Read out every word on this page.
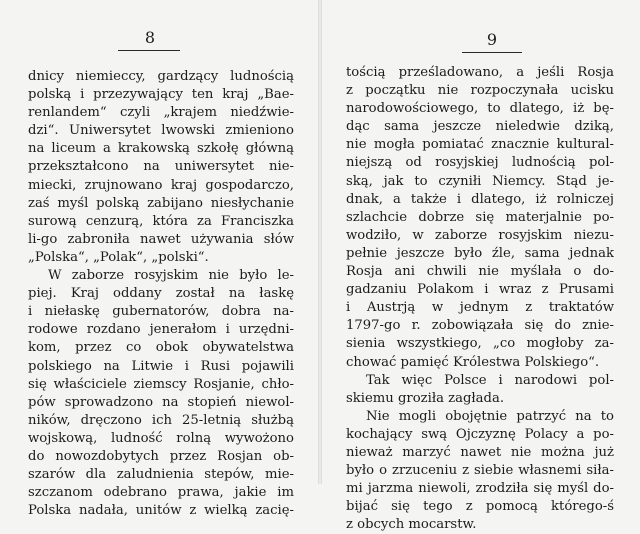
8
dnicy niemieccy, gardzący ludnością
polską i przezywający ten kraj „Bae-
renlandem“ czyli „krajem niedźwie-
dzi“. Uniwersytet lwowski zmieniono
na liceum a krakowską szkołę główną
przekształcono na uniwersytet nie-
miecki, zrujnowano kraj gospodarczo,
zaś myśl polską zabijano niesłychanie
surową cenzurą, która za Franciszka
li-go zabroniła nawet używania słów
„Polska“, „Polak“, „polski“.
W zaborze rosyjskim nie było le-
piej. Kraj oddany został na łaskę
i niełaskę gubernatorów, dobra na-
rodowe rozdano jenerałom i urzędni-
kom, przez co obok obywatelstwa
polskiego na Litwie i Rusi pojawili
się właściciele ziemscy Rosjanie, chło-
pów sprowadzono na stopień niewol-
ników, dręczono ich 25-letnią służbą
wojskową, ludność rolną wywożono
do nowozdobytych przez Rosjan ob-
szarów dla zaludnienia stepów, mie-
szczanom odebrano prawa, jakie im
Polska nadała, unitów z wielką zacię-
9
tością prześladowano, a jeśli Rosja
z początku nie rozpoczynała ucisku
narodowościowego, to dlatego, iż bę-
dąc sama jeszcze nieledwie dziką,
nie mogła pomiatać znacznie kultural-
niejszą od rosyjskiej ludnością pol-
ską, jak to czyniłi Niemcy. Stąd je-
dnak, a także i dlatego, iż rolniczej
szlachcie dobrze się materjalnie po-
wodziło, w zaborze rosyjskim niezu-
pełnie jeszcze było źle, sama jednak
Rosja ani chwili nie myślała o do-
gadzaniu Polakom i wraz z Prusami
i Austrją w jednym z traktatów
1797-go r. zobowiązała się do znie-
sienia wszystkiego, „co mogłoby za-
chować pamięć Królestwa Polskiego“.
Tak więc Polsce i narodowi pol-
skiemu groziła zagłada.
Nie mogli obojętnie patrzyć na to
kochający swą Ojczyznę Polacy a po-
nieważ marzyć nawet nie można już
było o zrzuceniu z siebie własnemi siła-
mi jarzma niewoli, zrodziła się myśl do-
bijać się tego z pomocą którego-ś
z obcych mocarstw.
